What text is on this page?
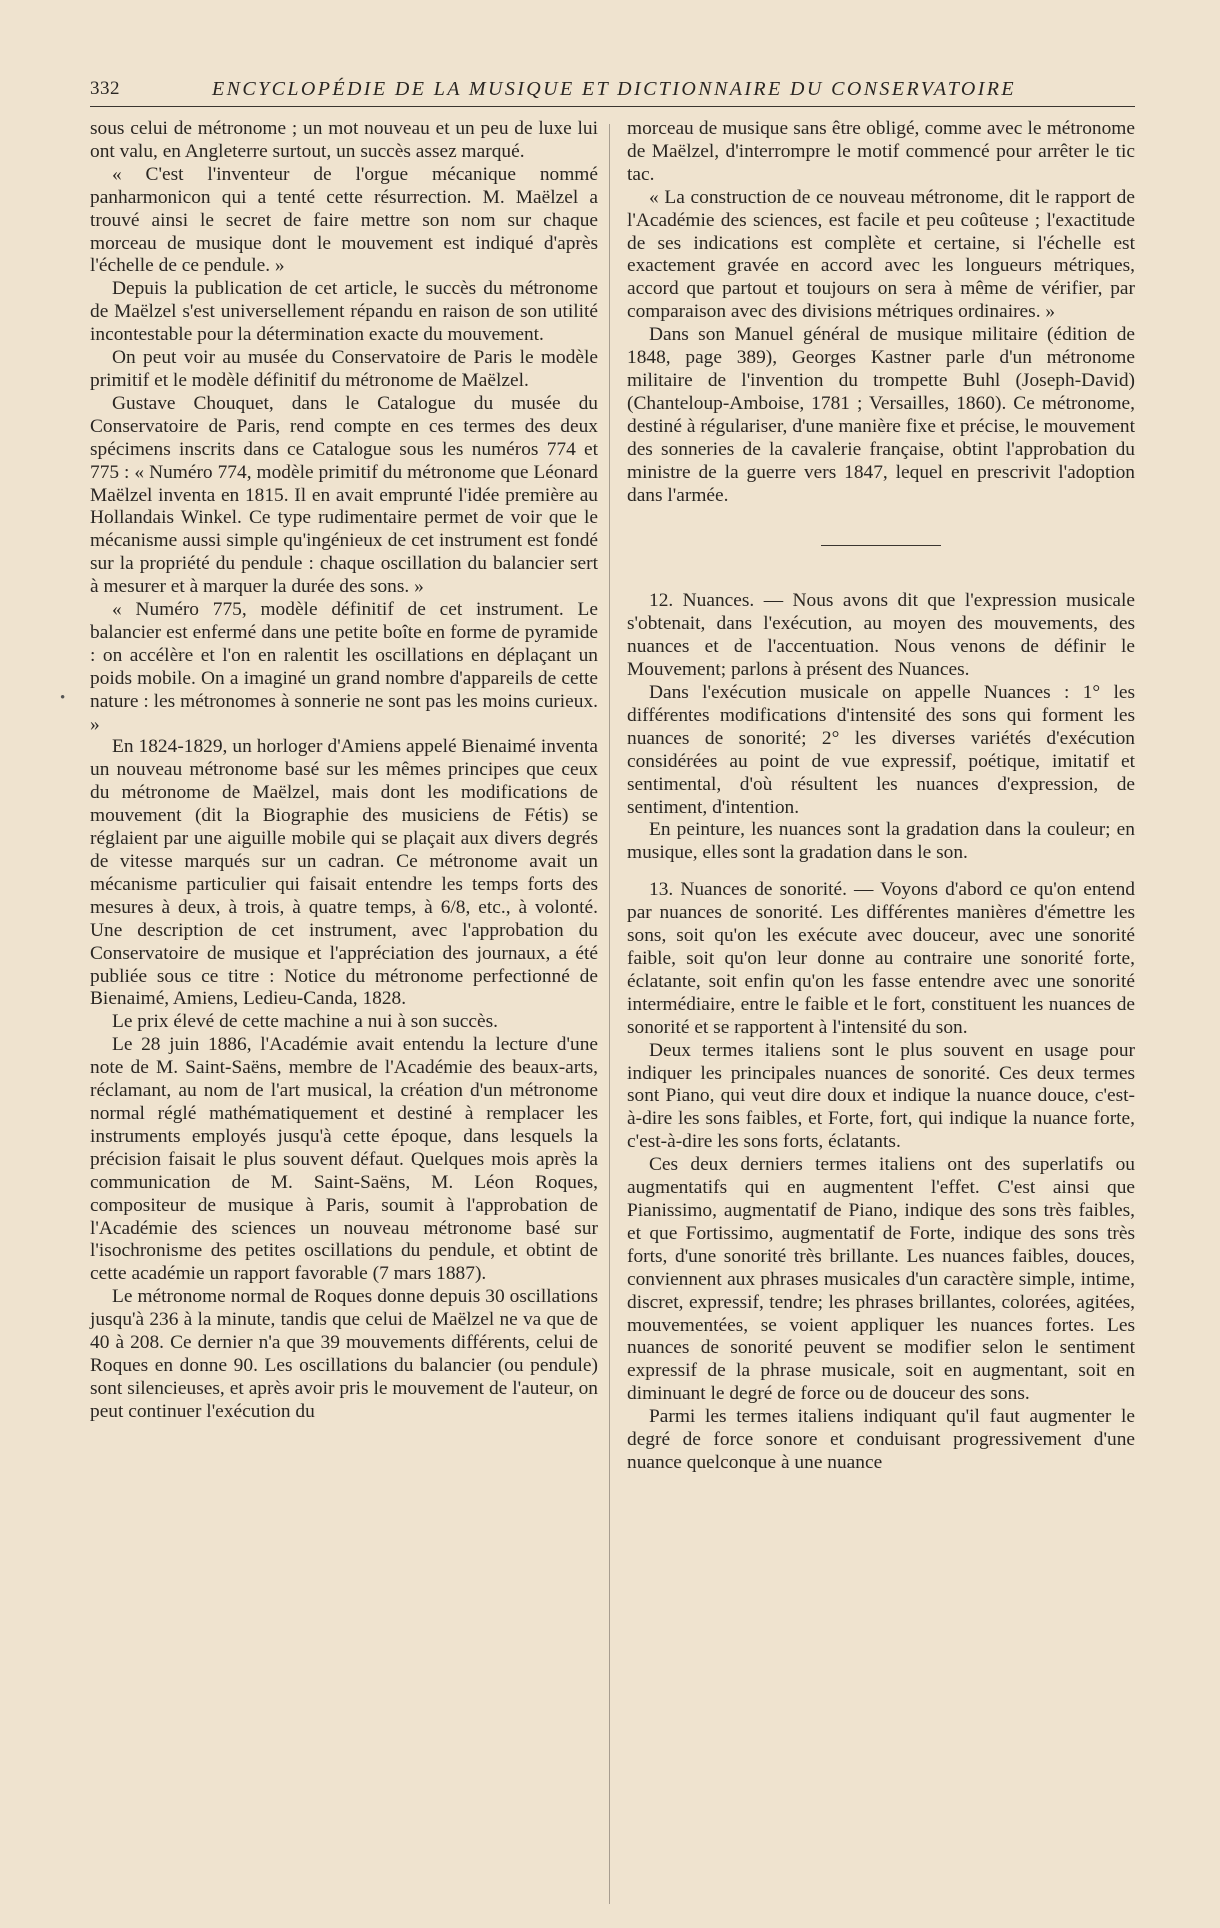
332	ENCYCLOPÉDIE DE LA MUSIQUE ET DICTIONNAIRE DU CONSERVATOIRE
•

sous celui de métronome ; un mot nouveau et un peu de luxe lui ont valu, en Angleterre surtout, un succès assez marqué.

« C'est l'inventeur de l'orgue mécanique nommé panharmonicon qui a tenté cette résurrection. M. Maëlzel a trouvé ainsi le secret de faire mettre son nom sur chaque morceau de musique dont le mouvement est indiqué d'après l'échelle de ce pendule. »

Depuis la publication de cet article, le succès du métronome de Maëlzel s'est universellement répandu en raison de son utilité incontestable pour la détermination exacte du mouvement.

On peut voir au musée du Conservatoire de Paris le modèle primitif et le modèle définitif du métronome de Maëlzel.

Gustave Chouquet, dans le Catalogue du musée du Conservatoire de Paris, rend compte en ces termes des deux spécimens inscrits dans ce Catalogue sous les numéros 774 et 775 : « Numéro 774, modèle primitif du métronome que Léonard Maëlzel inventa en 1815. Il en avait emprunté l'idée première au Hollandais Winkel. Ce type rudimentaire permet de voir que le mécanisme aussi simple qu'ingénieux de cet instrument est fondé sur la propriété du pendule : chaque oscillation du balancier sert à mesurer et à marquer la durée des sons. »

« Numéro 775, modèle définitif de cet instrument. Le balancier est enfermé dans une petite boîte en forme de pyramide : on accélère et l'on en ralentit les oscillations en déplaçant un poids mobile. On a imaginé un grand nombre d'appareils de cette nature : les métronomes à sonnerie ne sont pas les moins curieux. »

En 1824-1829, un horloger d'Amiens appelé Bienaimé inventa un nouveau métronome basé sur les mêmes principes que ceux du métronome de Maëlzel, mais dont les modifications de mouvement (dit la Biographie des musiciens de Fétis) se réglaient par une aiguille mobile qui se plaçait aux divers degrés de vitesse marqués sur un cadran. Ce métronome avait un mécanisme particulier qui faisait entendre les temps forts des mesures à deux, à trois, à quatre temps, à 6/8, etc., à volonté. Une description de cet instrument, avec l'approbation du Conservatoire de musique et l'appréciation des journaux, a été publiée sous ce titre : Notice du métronome perfectionné de Bienaimé, Amiens, Ledieu-Canda, 1828.

Le prix élevé de cette machine a nui à son succès.

Le 28 juin 1886, l'Académie avait entendu la lecture d'une note de M. Saint-Saëns, membre de l'Académie des beaux-arts, réclamant, au nom de l'art musical, la création d'un métronome normal réglé mathématiquement et destiné à remplacer les instruments employés jusqu'à cette époque, dans lesquels la précision faisait le plus souvent défaut. Quelques mois après la communication de M. Saint-Saëns, M. Léon Roques, compositeur de musique à Paris, soumit à l'approbation de l'Académie des sciences un nouveau métronome basé sur l'isochronisme des petites oscillations du pendule, et obtint de cette académie un rapport favorable (7 mars 1887).

Le métronome normal de Roques donne depuis 30 oscillations jusqu'à 236 à la minute, tandis que celui de Maëlzel ne va que de 40 à 208. Ce dernier n'a que 39 mouvements différents, celui de Roques en donne 90. Les oscillations du balancier (ou pendule) sont silencieuses, et après avoir pris le mouvement de l'auteur, on peut continuer l'exécution du

morceau de musique sans être obligé, comme avec le métronome de Maëlzel, d'interrompre le motif commencé pour arrêter le tic tac.

« La construction de ce nouveau métronome, dit le rapport de l'Académie des sciences, est facile et peu coûteuse ; l'exactitude de ses indications est complète et certaine, si l'échelle est exactement gravée en accord avec les longueurs métriques, accord que partout et toujours on sera à même de vérifier, par comparaison avec des divisions métriques ordinaires. »

Dans son Manuel général de musique militaire (édition de 1848, page 389), Georges Kastner parle d'un métronome militaire de l'invention du trompette Buhl (Joseph-David) (Chanteloup-Amboise, 1781 ; Versailles, 1860). Ce métronome, destiné à régulariser, d'une manière fixe et précise, le mouvement des sonneries de la cavalerie française, obtint l'approbation du ministre de la guerre vers 1847, lequel en prescrivit l'adoption dans l'armée.

12. Nuances. — Nous avons dit que l'expression musicale s'obtenait, dans l'exécution, au moyen des mouvements, des nuances et de l'accentuation. Nous venons de définir le Mouvement; parlons à présent des Nuances.

Dans l'exécution musicale on appelle Nuances : 1° les différentes modifications d'intensité des sons qui forment les nuances de sonorité; 2° les diverses variétés d'exécution considérées au point de vue expressif, poétique, imitatif et sentimental, d'où résultent les nuances d'expression, de sentiment, d'intention.

En peinture, les nuances sont la gradation dans la couleur; en musique, elles sont la gradation dans le son.

13. Nuances de sonorité. — Voyons d'abord ce qu'on entend par nuances de sonorité. Les différentes manières d'émettre les sons, soit qu'on les exécute avec douceur, avec une sonorité faible, soit qu'on leur donne au contraire une sonorité forte, éclatante, soit enfin qu'on les fasse entendre avec une sonorité intermédiaire, entre le faible et le fort, constituent les nuances de sonorité et se rapportent à l'intensité du son.

Deux termes italiens sont le plus souvent en usage pour indiquer les principales nuances de sonorité. Ces deux termes sont Piano, qui veut dire doux et indique la nuance douce, c'est-à-dire les sons faibles, et Forte, fort, qui indique la nuance forte, c'est-à-dire les sons forts, éclatants.

Ces deux derniers termes italiens ont des superlatifs ou augmentatifs qui en augmentent l'effet. C'est ainsi que Pianissimo, augmentatif de Piano, indique des sons très faibles, et que Fortissimo, augmentatif de Forte, indique des sons très forts, d'une sonorité très brillante. Les nuances faibles, douces, conviennent aux phrases musicales d'un caractère simple, intime, discret, expressif, tendre; les phrases brillantes, colorées, agitées, mouvementées, se voient appliquer les nuances fortes. Les nuances de sonorité peuvent se modifier selon le sentiment expressif de la phrase musicale, soit en augmentant, soit en diminuant le degré de force ou de douceur des sons.

Parmi les termes italiens indiquant qu'il faut augmenter le degré de force sonore et conduisant progressivement d'une nuance quelconque à une nuance
